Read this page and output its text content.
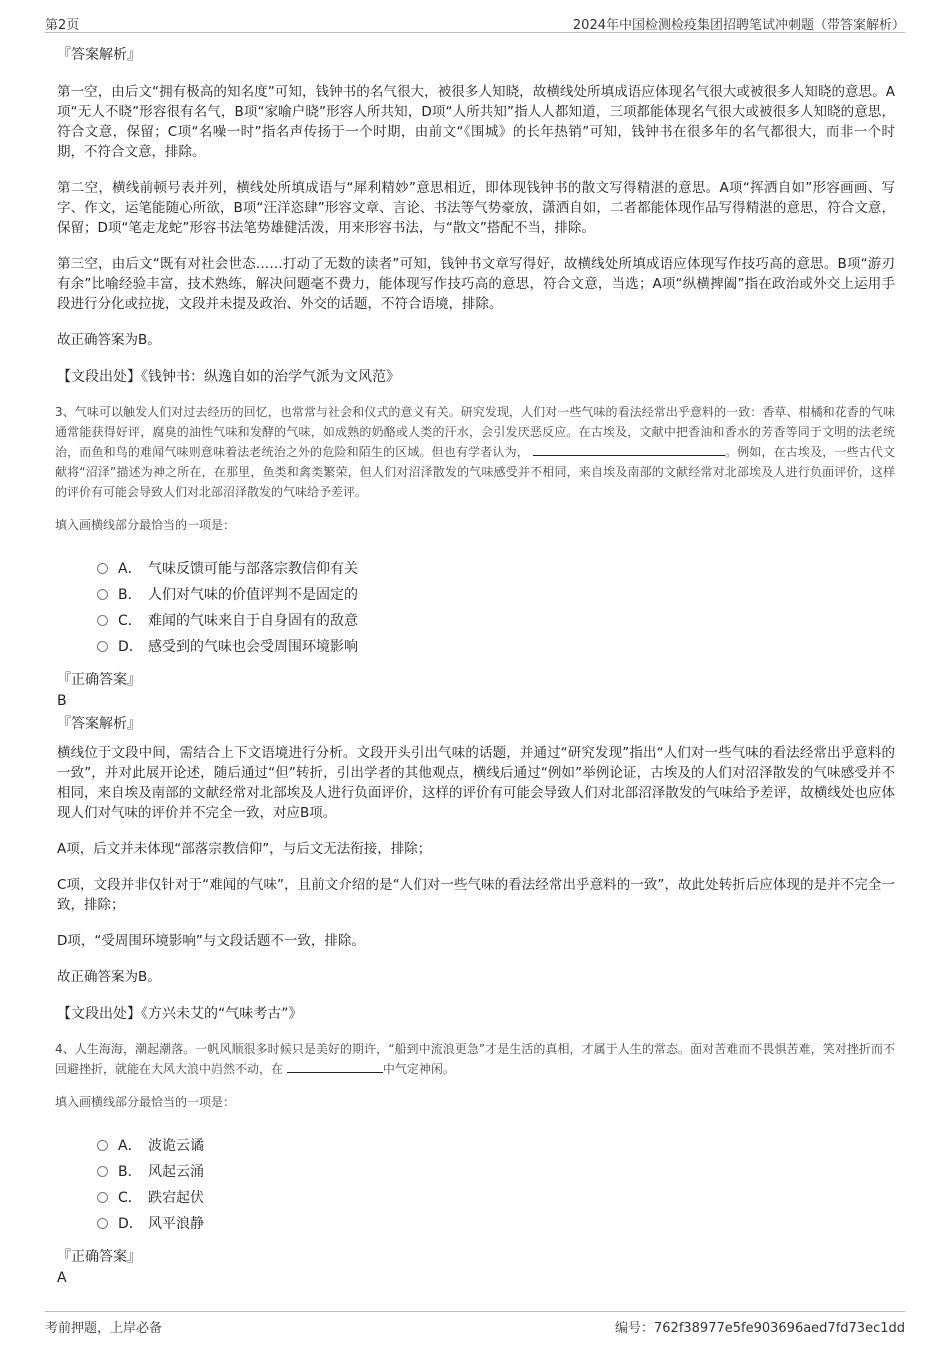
第2页	2024年中国检测检疫集团招聘笔试冲刺题（带答案解析）
『答案解析』

第一空，由后文“拥有极高的知名度”可知，钱钟书的名气很大，被很多人知晓，故横线处所填成语应体现名气很大或被很多人知晓的意思。A项“无人不晓”形容很有名气，B项“家喻户晓”形容人所共知，D项“人所共知”指人人都知道，三项都能体现名气很大或被很多人知晓的意思，符合文意，保留；C项“名噪一时”指名声传扬于一个时期，由前文“《围城》的长年热销”可知，钱钟书在很多年的名气都很大，而非一个时期，不符合文意，排除。

第二空，横线前顿号表并列，横线处所填成语与“犀利精妙”意思相近，即体现钱钟书的散文写得精湛的意思。A项“挥洒自如”形容画画、写字、作文，运笔能随心所欲，B项“汪洋恣肆”形容文章、言论、书法等气势豪放，潇洒自如，二者都能体现作品写得精湛的意思，符合文意，保留；D项“笔走龙蛇”形容书法笔势雄健活泼，用来形容书法，与“散文”搭配不当，排除。

第三空，由后文“既有对社会世态……打动了无数的读者”可知，钱钟书文章写得好，故横线处所填成语应体现写作技巧高的意思。B项“游刃有余”比喻经验丰富，技术熟练，解决问题毫不费力，能体现写作技巧高的意思，符合文意，当选；A项“纵横捭阖”指在政治或外交上运用手段进行分化或拉拢，文段并未提及政治、外交的话题，不符合语境，排除。

故正确答案为B。

【文段出处】《钱钟书：纵逸自如的治学气派为文风范》

3、气味可以触发人们对过去经历的回忆，也常常与社会和仪式的意义有关。研究发现，人们对一些气味的看法经常出乎意料的一致：香草、柑橘和花香的气味通常能获得好评，腐臭的油性气味和发酵的气味，如成熟的奶酪或人类的汗水，会引发厌恶反应。在古埃及，文献中把香油和香水的芳香等同于文明的法老统治，而鱼和鸟的难闻气味则意味着法老统治之外的危险和陌生的区域。但也有学者认为，	。例如，在古埃及，一些古代文献将“沼泽”描述为神之所在，在那里，鱼类和禽类繁荣，但人们对沼泽散发的气味感受并不相同，来自埃及南部的文献经常对北部埃及人进行负面评价，这样的评价有可能会导致人们对北部沼泽散发的气味给予差评。

填入画横线部分最恰当的一项是：
A． 气味反馈可能与部落宗教信仰有关
B． 人们对气味的价值评判不是固定的
C． 难闻的气味来自于自身固有的敌意
D． 感受到的气味也会受周围环境影响
『正确答案』
B
『答案解析』

横线位于文段中间，需结合上下文语境进行分析。文段开头引出气味的话题，并通过“研究发现”指出“人们对一些气味的看法经常出乎意料的一致”，并对此展开论述，随后通过“但”转折，引出学者的其他观点，横线后通过“例如”举例论证，古埃及的人们对沼泽散发的气味感受并不相同，来自埃及南部的文献经常对北部埃及人进行负面评价，这样的评价有可能会导致人们对北部沼泽散发的气味给予差评，故横线处也应体现人们对气味的评价并不完全一致，对应B项。

A项，后文并未体现“部落宗教信仰”，与后文无法衔接，排除；

C项，文段并非仅针对于“难闻的气味”，且前文介绍的是“人们对一些气味的看法经常出乎意料的一致”，故此处转折后应体现的是并不完全一致，排除；

D项，“受周围环境影响”与文段话题不一致，排除。

故正确答案为B。

【文段出处】《方兴未艾的“气味考古”》

4、人生海海，潮起潮落。一帆风顺很多时候只是美好的期许，“船到中流浪更急”才是生活的真相，才属于人生的常态。面对苦难而不畏惧苦难，笑对挫折而不回避挫折，就能在大风大浪中岿然不动，在	中气定神闲。

填入画横线部分最恰当的一项是：
A． 波诡云谲
B． 风起云涌
C． 跌宕起伏
D． 风平浪静
『正确答案』
A
考前押题，上岸必备	编号：762f38977e5fe903696aed7fd73ec1dd
